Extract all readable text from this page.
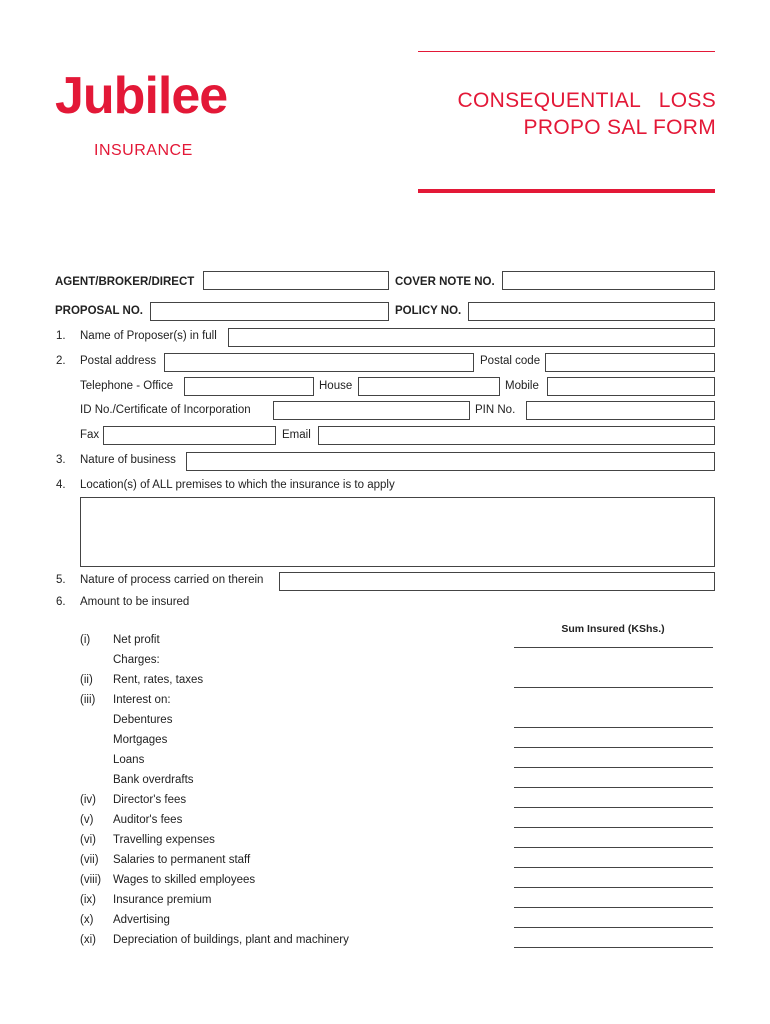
Jubilee
INSURANCE
CONSEQUENTIAL   LOSS
PROPO SAL FORM
AGENT/BROKER/DIRECT	COVER NOTE NO.
PROPOSAL NO.	POLICY NO.
1. Name of Proposer(s) in full
2. Postal address	Postal code
Telephone - Office	House	Mobile
ID No./Certificate of Incorporation	PIN No.
Fax	Email
3. Nature of business
4. Location(s) of ALL premises to which the insurance is to apply
5. Nature of process carried on therein
6. Amount to be insured
Sum Insured (KShs.)
(i) Net profit
Charges:
(ii) Rent, rates, taxes
(iii) Interest on:
Debentures
Mortgages
Loans
Bank overdrafts
(iv) Director's fees
(v) Auditor's fees
(vi) Travelling expenses
(vii) Salaries to permanent staff
(viii) Wages to skilled employees
(ix) Insurance premium
(x) Advertising
(xi) Depreciation of buildings, plant and machinery
